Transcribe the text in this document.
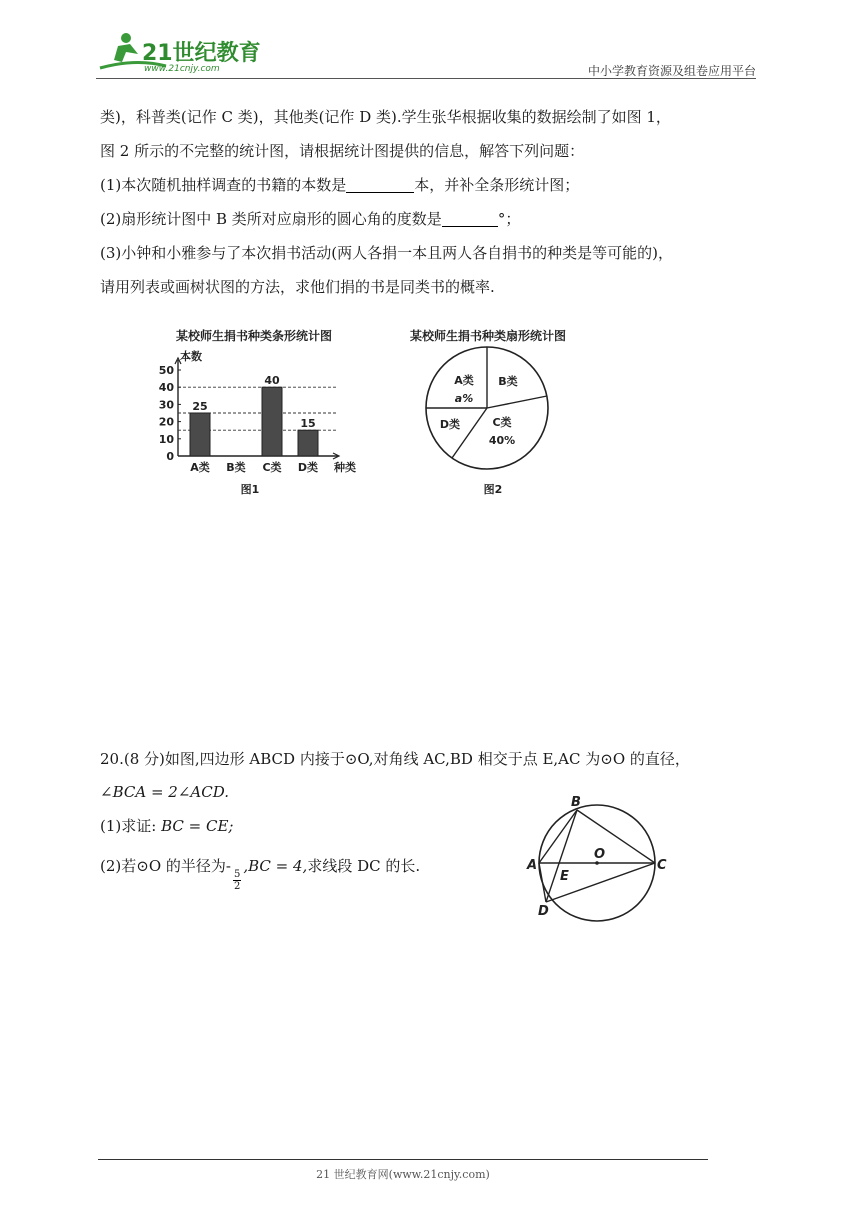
21世纪教育
www.21cnjy.com	中小学教育资源及组卷应用平台
类)，科普类(记作 C 类)，其他类(记作 D 类).学生张华根据收集的数据绘制了如图 1，
图 2 所示的不完整的统计图，请根据统计图提供的信息，解答下列问题：
(1)本次随机抽样调查的书籍的本数是	本，并补全条形统计图；
(2)扇形统计图中 B 类所对应扇形的圆心角的度数是	°；
(3)小钟和小雅参与了本次捐书活动(两人各捐一本且两人各自捐书的种类是等可能的)，
请用列表或画树状图的方法，求他们捐的书是同类书的概率.
某校师生捐书种类条形统计图
本数
0
10
20
30
40
50
25
40
15
A类 B类 C类 D类 种类
图1
某校师生捐书种类扇形统计图
A类
a%
B类
C类
40%
D类
图2
20.(8 分)如图,四边形 ABCD 内接于⊙O,对角线 AC,BD 相交于点 E,AC 为⊙O 的直径，
∠BCA = 2∠ACD.
(1)求证: BC = CE;
(2)若⊙O 的半径为-
$\frac{5}{2}$
,BC = 4,求线段 DC 的长.	A
B
C
D
E
O
21 世纪教育网(www.21cnjy.com)
